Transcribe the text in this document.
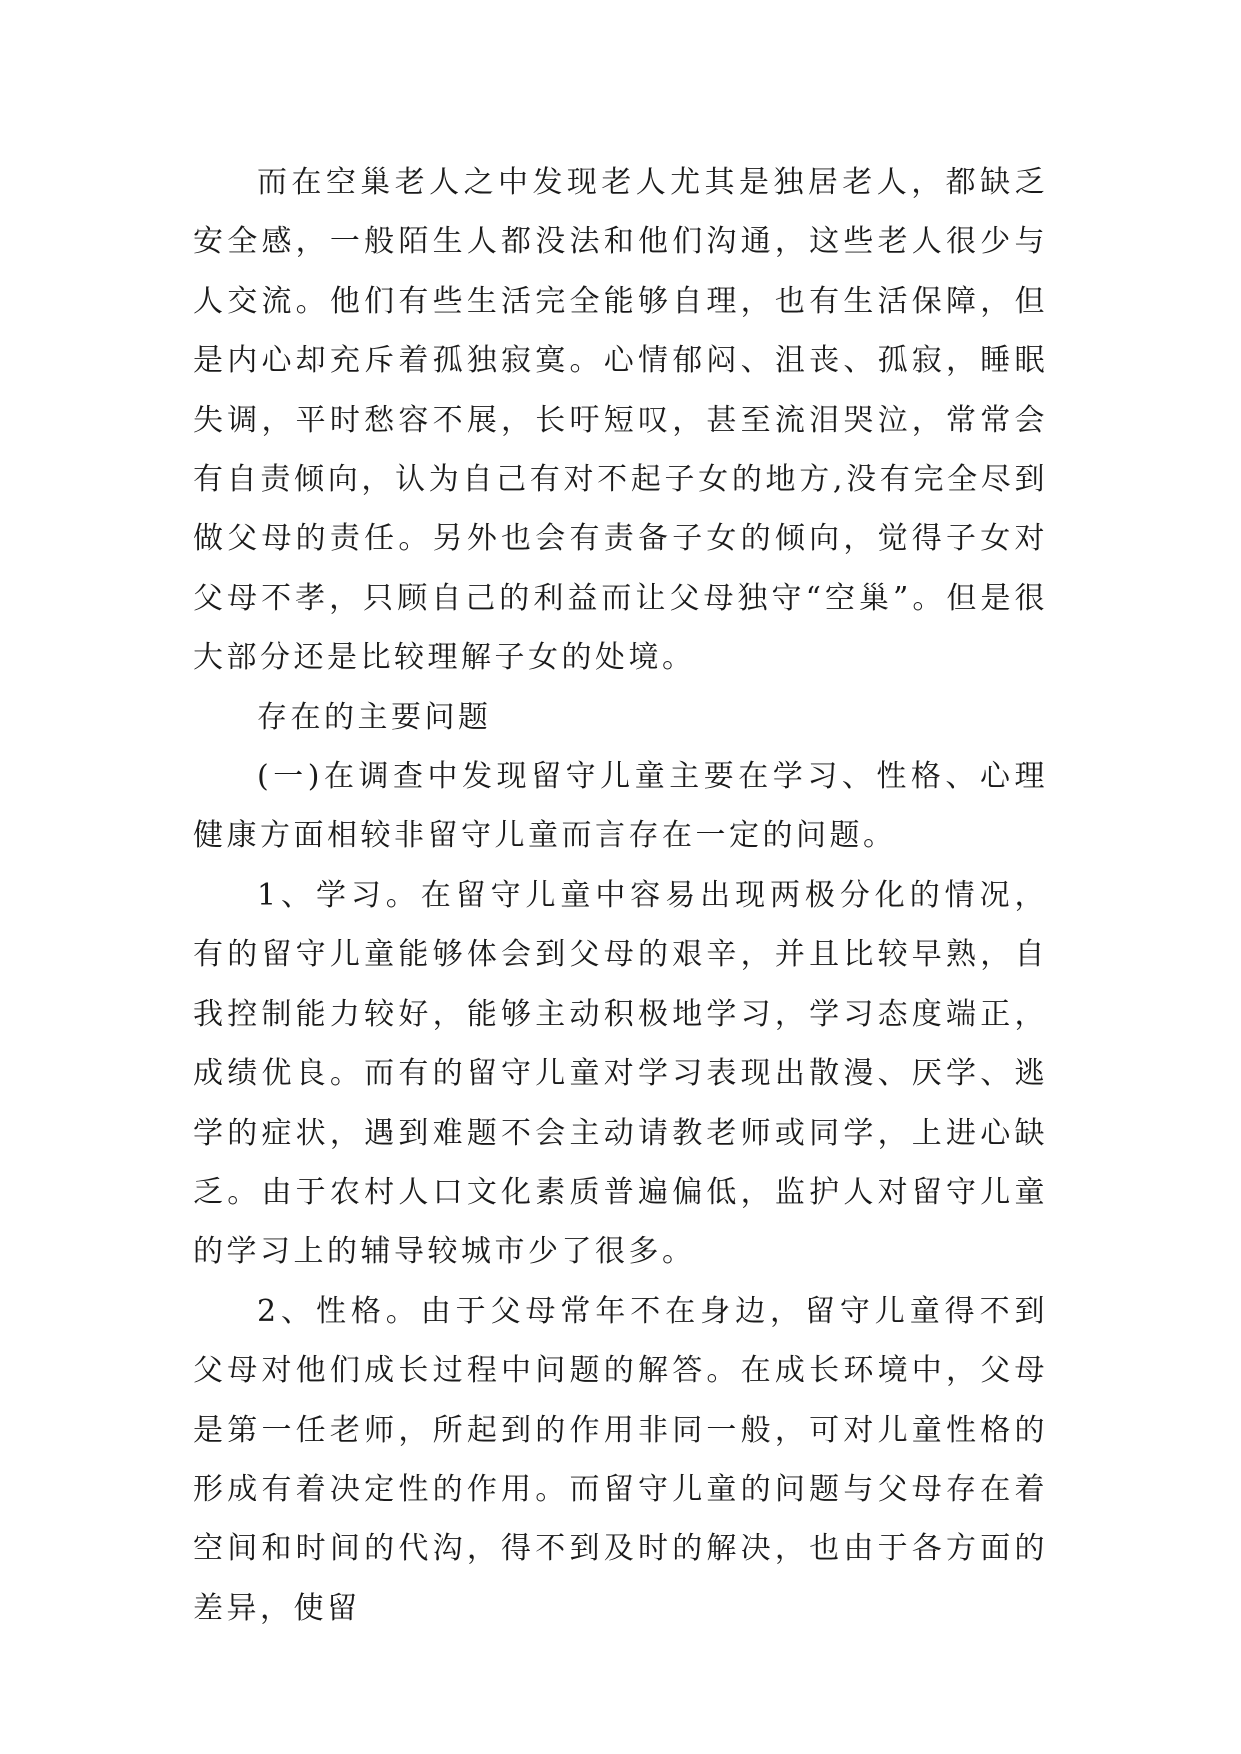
而在空巢老人之中发现老人尤其是独居老人，都缺乏安全感，一般陌生人都没法和他们沟通，这些老人很少与人交流。他们有些生活完全能够自理，也有生活保障，但是内心却充斥着孤独寂寞。心情郁闷、沮丧、孤寂，睡眠失调，平时愁容不展，长吁短叹，甚至流泪哭泣，常常会有自责倾向，认为自己有对不起子女的地方,没有完全尽到做父母的责任。另外也会有责备子女的倾向，觉得子女对父母不孝，只顾自己的利益而让父母独守“空巢”。但是很大部分还是比较理解子女的处境。

存在的主要问题

(一)在调查中发现留守儿童主要在学习、性格、心理健康方面相较非留守儿童而言存在一定的问题。

1、学习。在留守儿童中容易出现两极分化的情况，有的留守儿童能够体会到父母的艰辛，并且比较早熟，自我控制能力较好，能够主动积极地学习，学习态度端正，成绩优良。而有的留守儿童对学习表现出散漫、厌学、逃学的症状，遇到难题不会主动请教老师或同学，上进心缺乏。由于农村人口文化素质普遍偏低，监护人对留守儿童的学习上的辅导较城市少了很多。

2、性格。由于父母常年不在身边，留守儿童得不到父母对他们成长过程中问题的解答。在成长环境中，父母是第一任老师，所起到的作用非同一般，可对儿童性格的形成有着决定性的作用。而留守儿童的问题与父母存在着空间和时间的代沟，得不到及时的解决，也由于各方面的差异，使留
